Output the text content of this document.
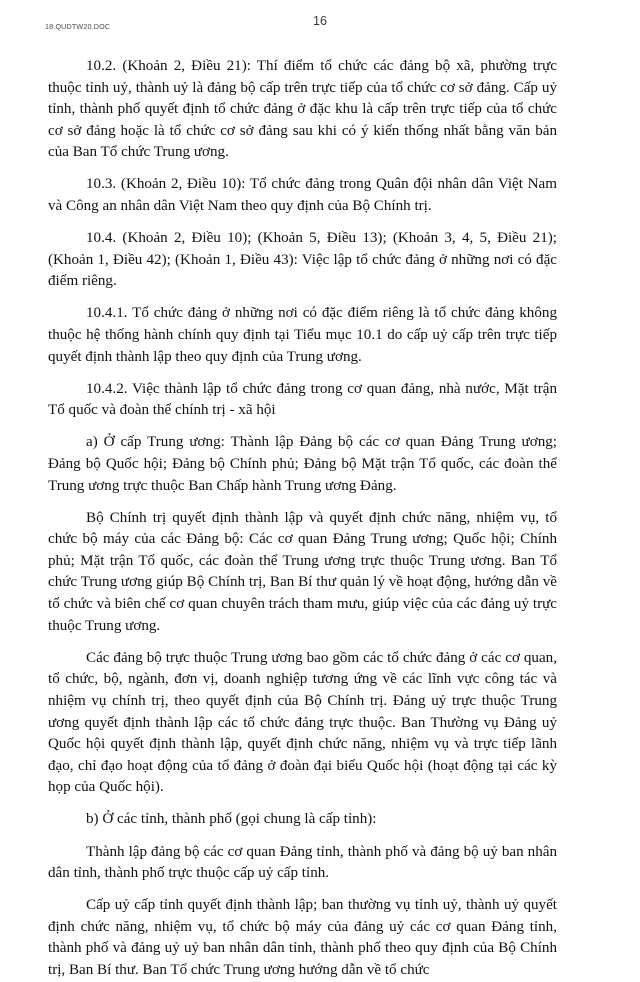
18.QUDTW20.DOC	16

10.2. (Khoản 2, Điều 21): Thí điểm tổ chức các đảng bộ xã, phường trực thuộc tỉnh uỷ, thành uỷ là đảng bộ cấp trên trực tiếp của tổ chức cơ sở đảng. Cấp uỷ tỉnh, thành phố quyết định tổ chức đảng ở đặc khu là cấp trên trực tiếp của tổ chức cơ sở đảng hoặc là tổ chức cơ sở đảng sau khi có ý kiến thống nhất bằng văn bản của Ban Tổ chức Trung ương.

10.3. (Khoản 2, Điều 10): Tổ chức đảng trong Quân đội nhân dân Việt Nam và Công an nhân dân Việt Nam theo quy định của Bộ Chính trị.

10.4. (Khoản 2, Điều 10); (Khoản 5, Điều 13); (Khoản 3, 4, 5, Điều 21); (Khoản 1, Điều 42); (Khoản 1, Điều 43): Việc lập tổ chức đảng ở những nơi có đặc điểm riêng.

10.4.1. Tổ chức đảng ở những nơi có đặc điểm riêng là tổ chức đảng không thuộc hệ thống hành chính quy định tại Tiểu mục 10.1 do cấp uỷ cấp trên trực tiếp quyết định thành lập theo quy định của Trung ương.

10.4.2. Việc thành lập tổ chức đảng trong cơ quan đảng, nhà nước, Mặt trận Tổ quốc và đoàn thể chính trị - xã hội

a) Ở cấp Trung ương: Thành lập Đảng bộ các cơ quan Đảng Trung ương; Đảng bộ Quốc hội; Đảng bộ Chính phủ; Đảng bộ Mặt trận Tổ quốc, các đoàn thể Trung ương trực thuộc Ban Chấp hành Trung ương Đảng.

Bộ Chính trị quyết định thành lập và quyết định chức năng, nhiệm vụ, tổ chức bộ máy của các Đảng bộ: Các cơ quan Đảng Trung ương; Quốc hội; Chính phủ; Mặt trận Tổ quốc, các đoàn thể Trung ương trực thuộc Trung ương. Ban Tổ chức Trung ương giúp Bộ Chính trị, Ban Bí thư quản lý về hoạt động, hướng dẫn về tổ chức và biên chế cơ quan chuyên trách tham mưu, giúp việc của các đảng uỷ trực thuộc Trung ương.

Các đảng bộ trực thuộc Trung ương bao gồm các tổ chức đảng ở các cơ quan, tổ chức, bộ, ngành, đơn vị, doanh nghiệp tương ứng về các lĩnh vực công tác và nhiệm vụ chính trị, theo quyết định của Bộ Chính trị. Đảng uỷ trực thuộc Trung ương quyết định thành lập các tổ chức đảng trực thuộc. Ban Thường vụ Đảng uỷ Quốc hội quyết định thành lập, quyết định chức năng, nhiệm vụ và trực tiếp lãnh đạo, chỉ đạo hoạt động của tổ đảng ở đoàn đại biểu Quốc hội (hoạt động tại các kỳ họp của Quốc hội).

b) Ở các tỉnh, thành phố (gọi chung là cấp tỉnh):

Thành lập đảng bộ các cơ quan Đảng tỉnh, thành phố và đảng bộ uỷ ban nhân dân tỉnh, thành phố trực thuộc cấp uỷ cấp tỉnh.

Cấp uỷ cấp tỉnh quyết định thành lập; ban thường vụ tỉnh uỷ, thành uỷ quyết định chức năng, nhiệm vụ, tổ chức bộ máy của đảng uỷ các cơ quan Đảng tỉnh, thành phố và đảng uỷ uỷ ban nhân dân tỉnh, thành phố theo quy định của Bộ Chính trị, Ban Bí thư. Ban Tổ chức Trung ương hướng dẫn về tổ chức
